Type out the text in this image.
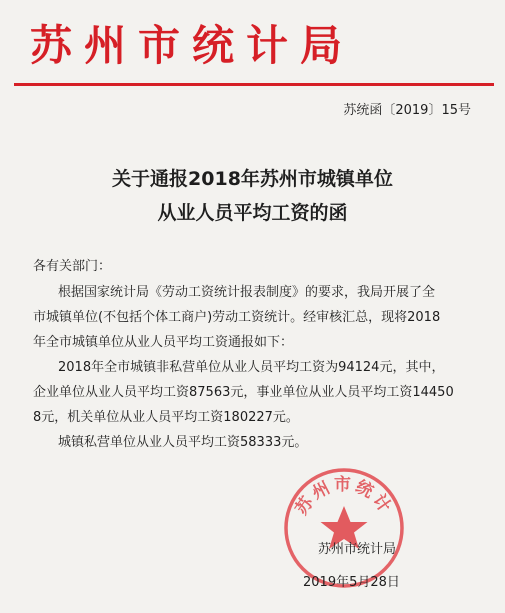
苏州市统计局
苏统函〔2019〕15号
关于通报2018年苏州市城镇单位
从业人员平均工资的函
各有关部门：
根据国家统计局《劳动工资统计报表制度》的要求，我局开展了全
市城镇单位(不包括个体工商户)劳动工资统计。经审核汇总，现将2018
年全市城镇单位从业人员平均工资通报如下：
2018年全市城镇非私营单位从业人员平均工资为94124元，其中，
企业单位从业人员平均工资87563元，事业单位从业人员平均工资14450
8元，机关单位从业人员平均工资180227元。
城镇私营单位从业人员平均工资58333元。
苏州市统计
苏州市统计局
2019年5月28日
